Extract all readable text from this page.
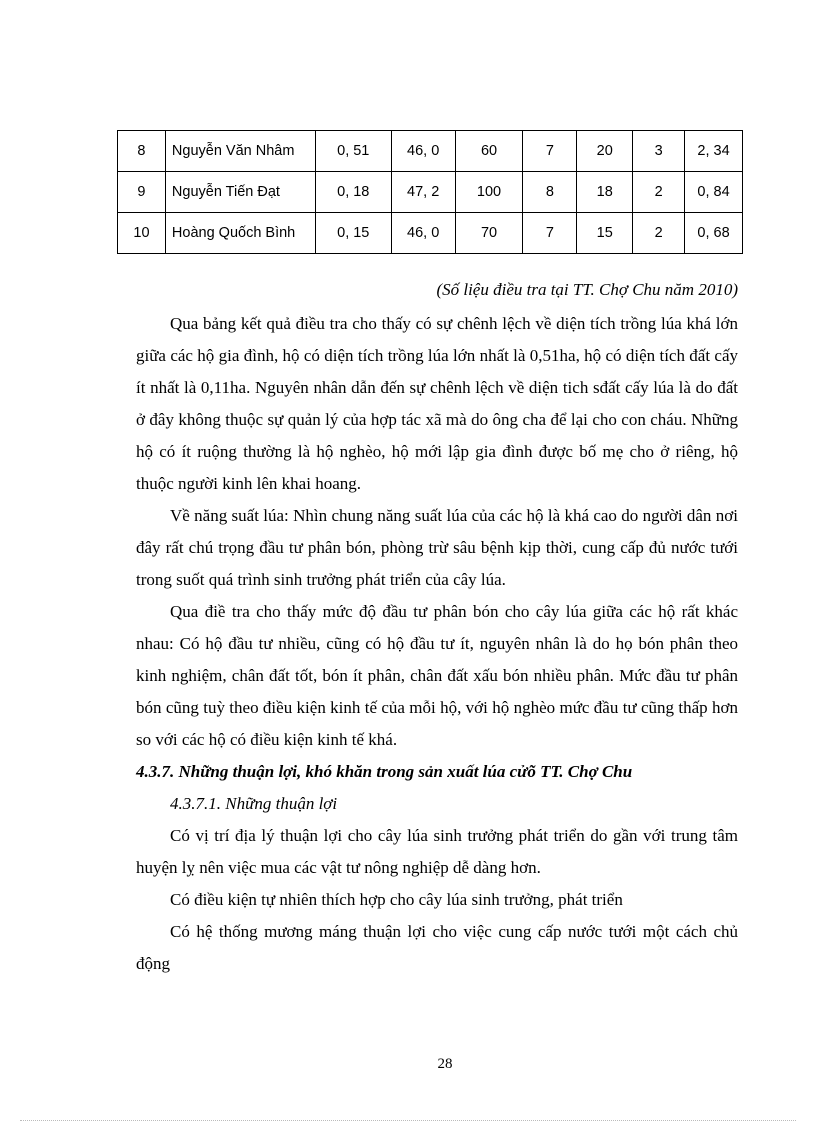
8	Nguyễn Văn Nhâm	0, 51	46, 0	60	7	20	3	2, 34
9	Nguyễn Tiến Đạt	0, 18	47, 2	100	8	18	2	0, 84
10	Hoàng Quốch Bình	0, 15	46, 0	70	7	15	2	0, 68
(Số liệu điều tra tại TT. Chợ Chu năm 2010)

Qua bảng kết quả điều tra cho thấy có sự chênh lệch về diện tích trồng lúa khá lớn giữa các hộ gia đình, hộ có diện tích trồng lúa lớn nhất là 0,51ha, hộ có diện tích đất cấy ít nhất là 0,11ha. Nguyên nhân dẫn đến sự chênh lệch về diện tich sđất cấy lúa là do đất ở đây không thuộc sự quản lý của hợp tác xã mà do ông cha để lại cho con cháu. Những hộ có ít ruộng thường là hộ nghèo, hộ mới lập gia đình được bố mẹ cho ở riêng, hộ thuộc người kinh lên khai hoang.

Về năng suất lúa: Nhìn chung năng suất lúa của các hộ là khá cao do người dân nơi đây rất chú trọng đầu tư phân bón, phòng trừ sâu bệnh kịp thời, cung cấp đủ nước tưới trong suốt quá trình sinh trưởng phát triển của cây lúa.

Qua điề tra cho thấy mức độ đầu tư phân bón cho cây lúa giữa các hộ rất khác nhau: Có hộ đầu tư nhiều, cũng có hộ đầu tư ít, nguyên nhân là do họ bón phân theo kinh nghiệm, chân đất tốt, bón ít phân, chân đất xấu bón nhiều phân. Mức đầu tư phân bón cũng tuỳ theo điều kiện kinh tế của mỗi hộ, với hộ nghèo mức đầu tư cũng thấp hơn so với các hộ có điều kiện kinh tế khá.

4.3.7. Những thuận lợi, khó khăn trong sản xuất lúa cửõ TT. Chợ Chu

4.3.7.1. Những thuận lợi

Có vị trí địa lý thuận lợi cho cây lúa sinh trưởng phát triển do gần với trung tâm huyện lỵ nên việc mua các vật tư nông nghiệp dễ dàng hơn.

Có điều kiện tự nhiên thích hợp cho cây lúa sinh trưởng, phát triển

Có hệ thống mương máng thuận lợi cho việc cung cấp nước tưới một cách chủ động

28
